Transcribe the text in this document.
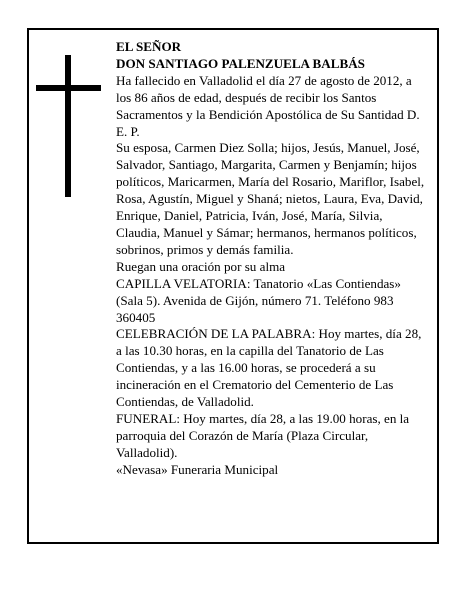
EL SEÑOR

DON SANTIAGO PALENZUELA BALBÁS

Ha fallecido en Valladolid el día 27 de agosto de 2012, a los 86 años de edad, después de recibir los Santos Sacramentos y la Bendición Apostólica de Su Santidad D. E. P.

Su esposa, Carmen Diez Solla; hijos, Jesús, Manuel, José, Salvador, Santiago, Margarita, Carmen y Benjamín; hijos políticos, Maricarmen, María del Rosario, Mariflor, Isabel, Rosa, Agustín, Miguel y Shaná; nietos, Laura, Eva, David, Enrique, Daniel, Patricia, Iván, José, María, Silvia, Claudia, Manuel y Sámar; hermanos, hermanos políticos, sobrinos, primos y demás familia.

Ruegan una oración por su alma

CAPILLA VELATORIA: Tanatorio «Las Contiendas» (Sala 5). Avenida de Gijón, número 71. Teléfono 983 360405

CELEBRACIÓN DE LA PALABRA: Hoy martes, día 28, a las 10.30 horas, en la capilla del Tanatorio de Las Contiendas, y a las 16.00 horas, se procederá a su incineración en el Crematorio del Cementerio de Las Contiendas, de Valladolid.

FUNERAL: Hoy martes, día 28, a las 19.00 horas, en la parroquia del Corazón de María (Plaza Circular, Valladolid).

«Nevasa» Funeraria Municipal
